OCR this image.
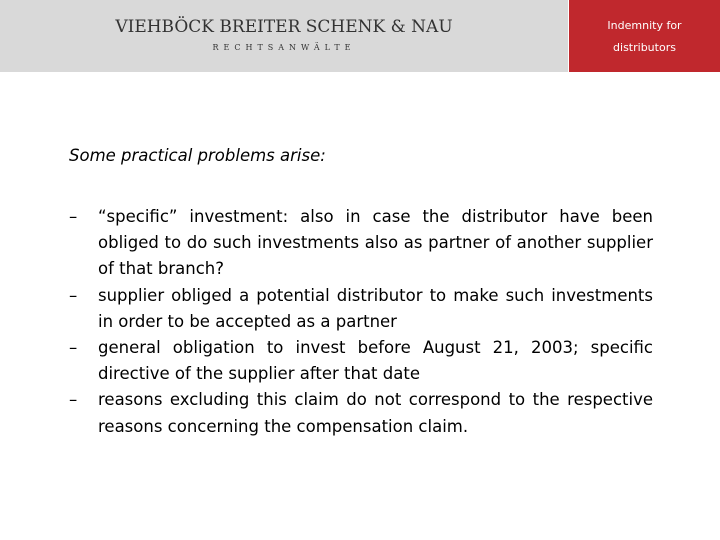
VIEHBÖCK BREITER SCHENK & NAU
RECHTSANWÄLTE
Indemnity for
distributors
Some practical problems arise:
–	“specific” investment: also in case the distributor have been obliged to do such investments also as partner of another supplier of that branch?
–	supplier obliged a potential distributor to make such investments in order to be accepted as a partner
–	general obligation to invest before August 21, 2003; specific directive of the supplier after that date
–	reasons excluding this claim do not correspond to the respective reasons concerning the compensation claim.
